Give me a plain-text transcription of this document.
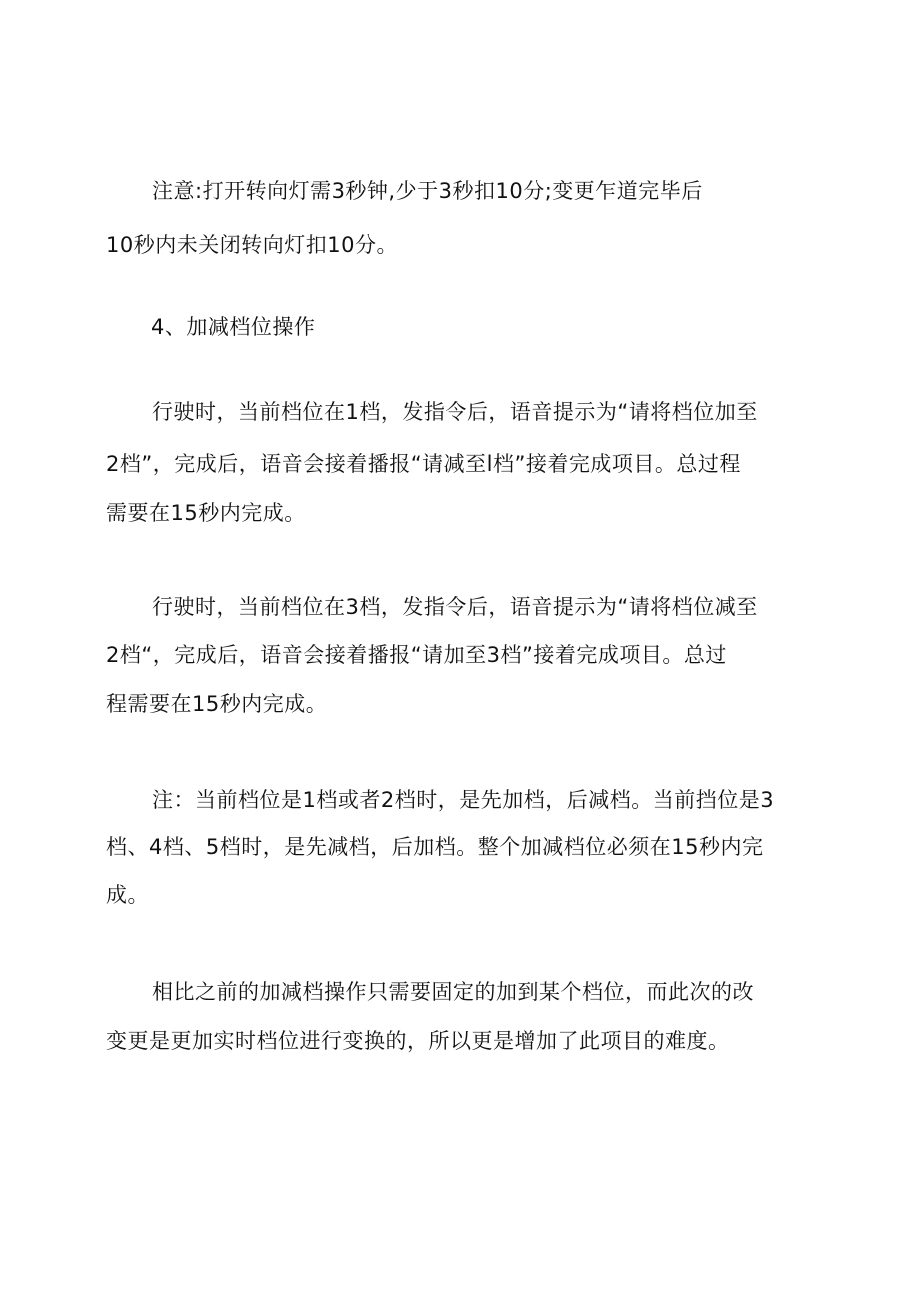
注意:打开转向灯需3秒钟,少于3秒扣10分;变更乍道完毕后
10秒内未关闭转向灯扣10分。
4、加减档位操作
行驶时，当前档位在1档，发指令后，语音提示为“请将档位加至
2档”，完成后，语音会接着播报“请减至l档”接着完成项目。总过程
需要在15秒内完成。
行驶时，当前档位在3档，发指令后，语音提示为“请将档位减至
2档“，完成后，语音会接着播报“请加至3档”接着完成项目。总过
程需要在15秒内完成。
注：当前档位是1档或者2档时，是先加档，后减档。当前挡位是3
档、4档、5档时，是先减档，后加档。整个加减档位必须在15秒内完
成。
相比之前的加减档操作只需要固定的加到某个档位，而此次的改
变更是更加实时档位进行变换的，所以更是增加了此项目的难度。
